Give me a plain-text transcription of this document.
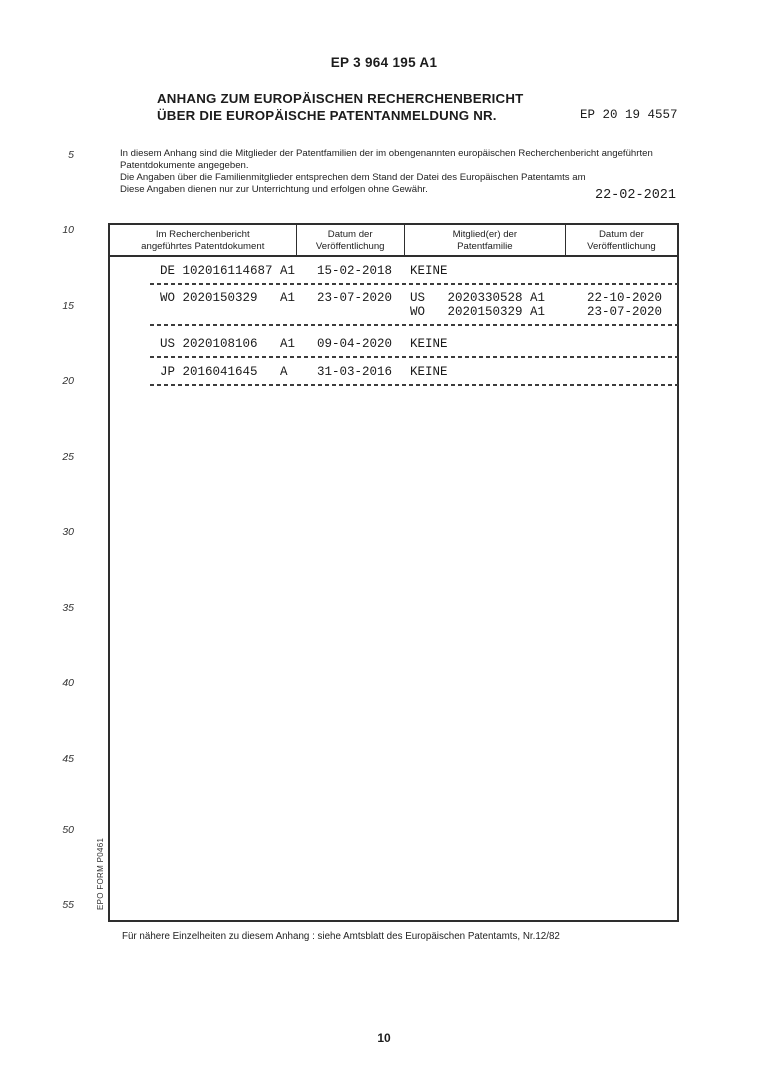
EP 3 964 195 A1
ANHANG ZUM EUROPÄISCHEN RECHERCHENBERICHT
ÜBER DIE EUROPÄISCHE PATENTANMELDUNG NR.	EP 20 19 4557
In diesem Anhang sind die Mitglieder der Patentfamilien der im obengenannten europäischen Recherchenbericht angeführten
Patentdokumente angegeben.
Die Angaben über die Familienmitglieder entsprechen dem Stand der Datei des Europäischen Patentamts am
Diese Angaben dienen nur zur Unterrichtung und erfolgen ohne Gewähr.	22-02-2021
5
10
15
20
25
30
35
40
45
50
55
Im Recherchenbericht
angeführtes Patentdokument
Datum der
Veröffentlichung
Mitglied(er) der
Patentfamilie
Datum der
Veröffentlichung
DE 102016114687 A1 15-02-2018 KEINE
WO 2020150329   A1 23-07-2020 US   2020330528 A1	22-10-2020
WO   2020150329 A1	23-07-2020
US 2020108106   A1 09-04-2020 KEINE
JP 2016041645   A 31-03-2016 KEINE
EPO FORM P0461
Für nähere Einzelheiten zu diesem Anhang : siehe Amtsblatt des Europäischen Patentamts, Nr.12/82
10
